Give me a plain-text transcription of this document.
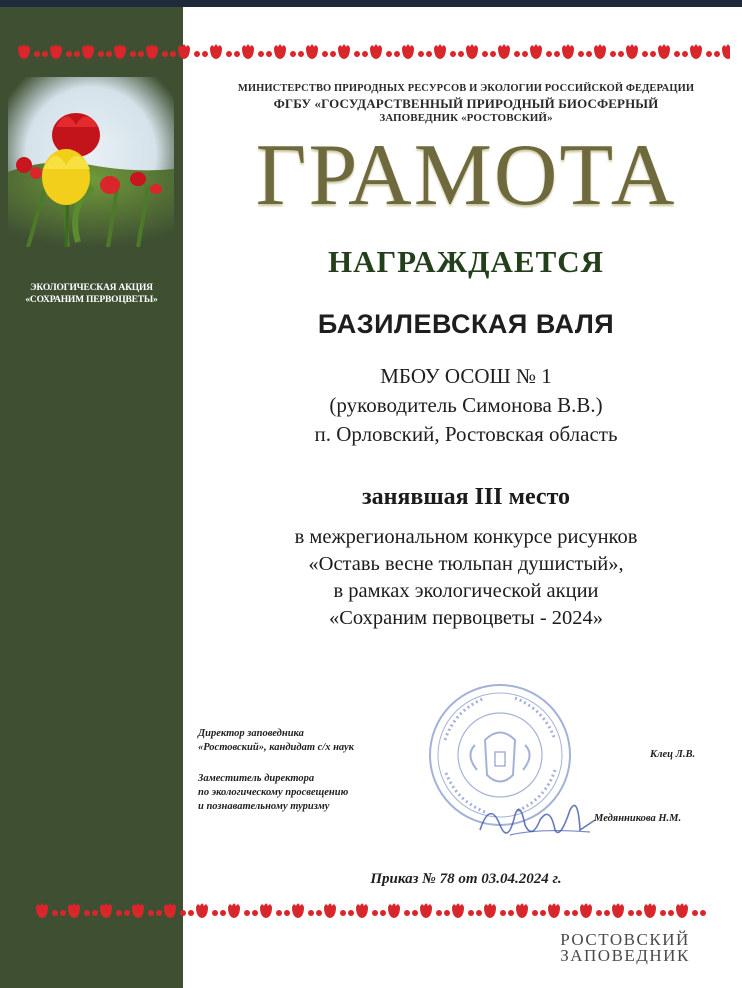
ЭКОЛОГИЧЕСКАЯ АКЦИЯ
«СОХРАНИМ ПЕРВОЦВЕТЫ»
МИНИСТЕРСТВО ПРИРОДНЫХ РЕСУРСОВ И ЭКОЛОГИИ РОССИЙСКОЙ ФЕДЕРАЦИИ
ФГБУ «ГОСУДАРСТВЕННЫЙ ПРИРОДНЫЙ БИОСФЕРНЫЙ
ЗАПОВЕДНИК «РОСТОВСКИЙ»
ГРАМОТА
НАГРАЖДАЕТСЯ
БАЗИЛЕВСКАЯ ВАЛЯ
МБОУ ОСОШ № 1
(руководитель Симонова В.В.)
п. Орловский, Ростовская область
занявшая III место
в межрегиональном конкурсе рисунков
«Оставь весне тюльпан душистый»,
в рамках экологической акции
«Сохраним первоцветы - 2024»
Директор заповедника
«Ростовский», кандидат с/х наук
Клец Л.В.
Заместитель директора
по экологическому просвещению
и познавательному туризму
Медянникова Н.М.
Приказ № 78 от 03.04.2024 г.
РОСТОВСКИЙ
ЗАПОВЕДНИК
